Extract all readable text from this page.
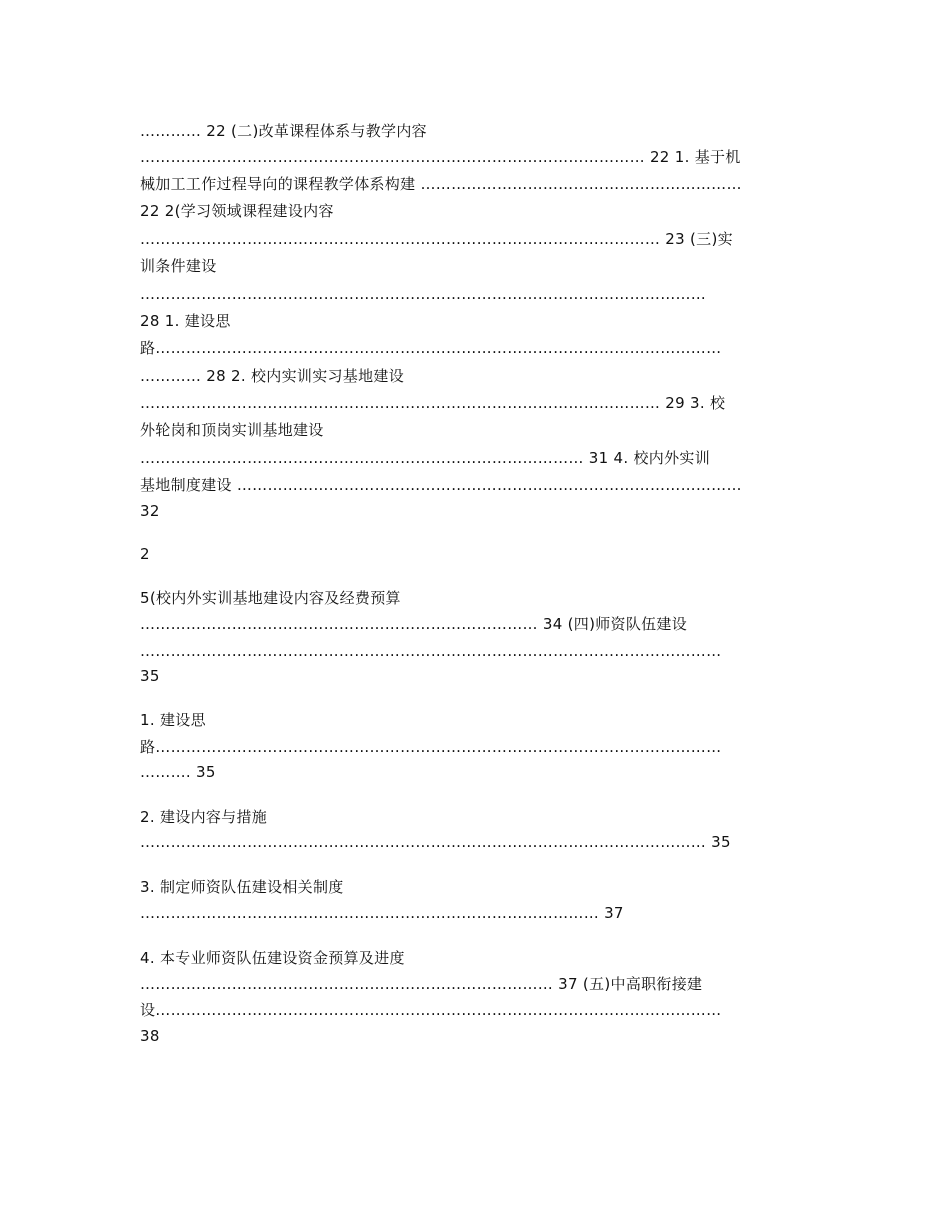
………… 22 (二)改革课程体系与教学内容
……………………………………………………………………………………… 22 1. 基于机
械加工工作过程导向的课程教学体系构建 ………………………………………………………
22 2(学习领域课程建设内容
………………………………………………………………………………………… 23 (三)实
训条件建设
…………………………………………………………………………………………………
28 1. 建设思
路…………………………………………………………………………………………………
………… 28 2. 校内实训实习基地建设
………………………………………………………………………………………… 29 3. 校
外轮岗和顶岗实训基地建设
…………………………………………………………………………… 31 4. 校内外实训
基地制度建设 ………………………………………………………………………………………
32
2
5(校内外实训基地建设内容及经费预算
…………………………………………………………………… 34 (四)师资队伍建设
……………………………………………………………………………………………………
35
1. 建设思
路…………………………………………………………………………………………………
………. 35
2. 建设内容与措施
………………………………………………………………………………………………… 35
3. 制定师资队伍建设相关制度
……………………………………………………………………………… 37
4. 本专业师资队伍建设资金预算及进度
……………………………………………………………………… 37 (五)中高职衔接建
设…………………………………………………………………………………………………
38
